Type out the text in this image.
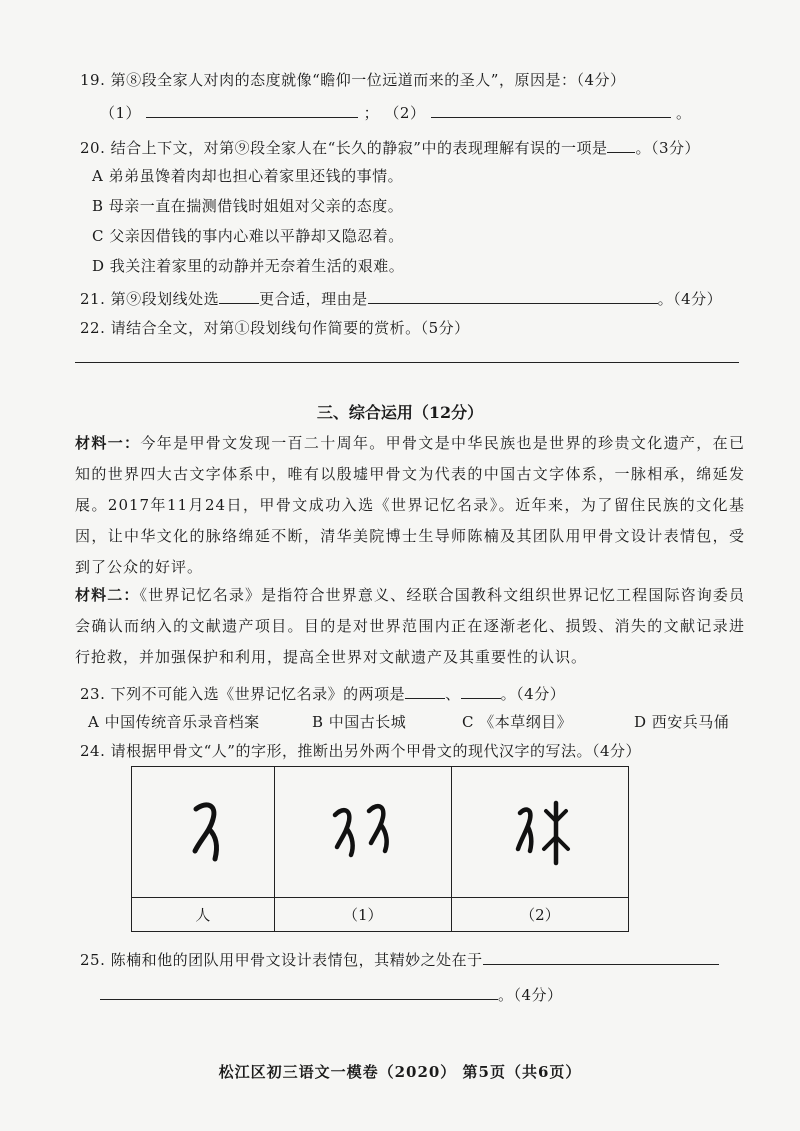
19. 第⑧段全家人对肉的态度就像“瞻仰一位远道而来的圣人”，原因是：（4分）
（1）	； （2）	。
20. 结合上下文，对第⑨段全家人在“长久的静寂”中的表现理解有误的一项是 。（3分）
A 弟弟虽馋着肉却也担心着家里还钱的事情。
B 母亲一直在揣测借钱时姐姐对父亲的态度。
C 父亲因借钱的事内心难以平静却又隐忍着。
D 我关注着家里的动静并无奈着生活的艰难。
21. 第⑨段划线处选	更合适，理由是	。（4分）
22. 请结合全文，对第①段划线句作简要的赏析。（5分）
三、综合运用（12分）
材料一：今年是甲骨文发现一百二十周年。甲骨文是中华民族也是世界的珍贵文化遗产，在已知的世界四大古文字体系中，唯有以殷墟甲骨文为代表的中国古文字体系，一脉相承，绵延发展。2017年11月24日，甲骨文成功入选《世界记忆名录》。近年来，为了留住民族的文化基因，让中华文化的脉络绵延不断，清华美院博士生导师陈楠及其团队用甲骨文设计表情包，受到了公众的好评。
材料二：《世界记忆名录》是指符合世界意义、经联合国教科文组织世界记忆工程国际咨询委员会确认而纳入的文献遗产项目。目的是对世界范围内正在逐渐老化、损毁、消失的文献记录进行抢救，并加强保护和利用，提高全世界对文献遗产及其重要性的认识。
23. 下列不可能入选《世界记忆名录》的两项是	、	。（4分）
A 中国传统音乐录音档案	B 中国古长城	C 《本草纲目》	D 西安兵马俑
24. 请根据甲骨文“人”的字形，推断出另外两个甲骨文的现代汉字的写法。（4分）

人	（1）	（2）
25. 陈楠和他的团队用甲骨文设计表情包，其精妙之处在于
。（4分）
松江区初三语文一模卷（2020） 第5页（共6页）
